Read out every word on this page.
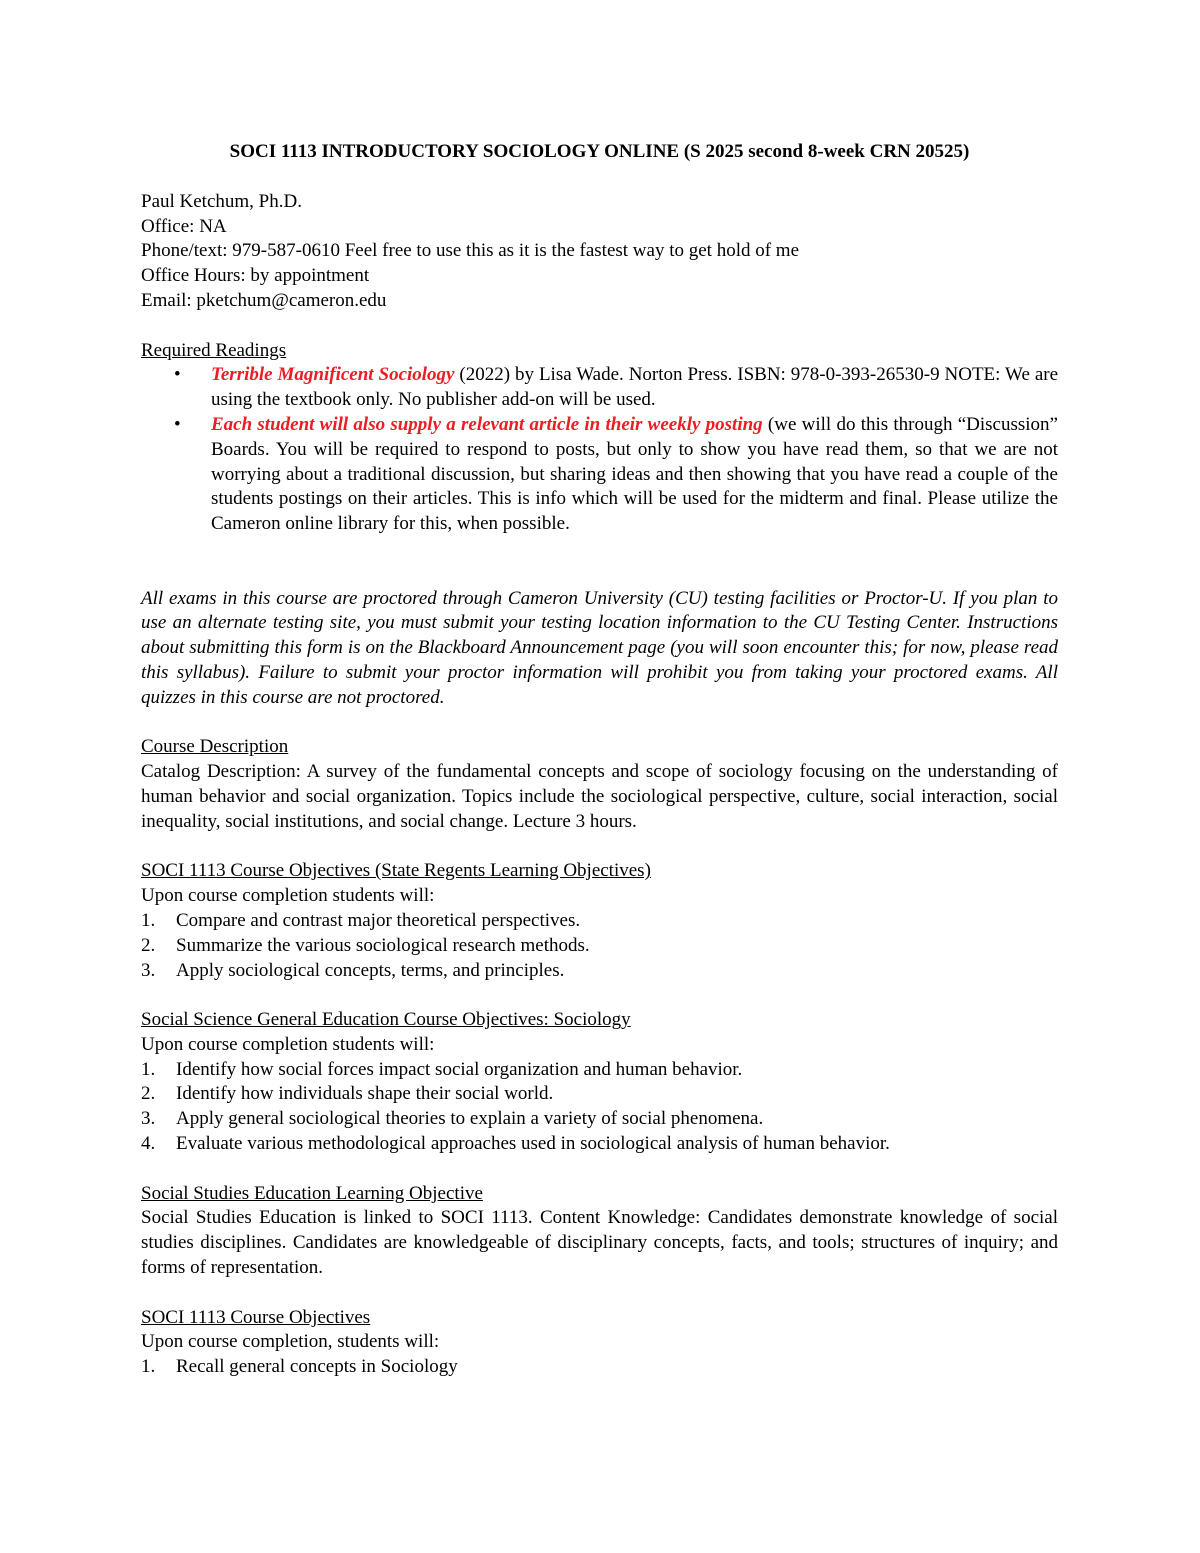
SOCI 1113 INTRODUCTORY SOCIOLOGY ONLINE (S 2025 second 8-week CRN 20525)
Paul Ketchum, Ph.D.
Office: NA
Phone/text: 979-587-0610 Feel free to use this as it is the fastest way to get hold of me
Office Hours: by appointment
Email: pketchum@cameron.edu
Required Readings
• Terrible Magnificent Sociology (2022) by Lisa Wade. Norton Press. ISBN: 978-0-393-26530-9 NOTE: We are using the textbook only. No publisher add-on will be used.
• Each student will also supply a relevant article in their weekly posting (we will do this through “Discussion” Boards. You will be required to respond to posts, but only to show you have read them, so that we are not worrying about a traditional discussion, but sharing ideas and then showing that you have read a couple of the students postings on their articles. This is info which will be used for the midterm and final. Please utilize the Cameron online library for this, when possible.
All exams in this course are proctored through Cameron University (CU) testing facilities or Proctor-U. If you plan to use an alternate testing site, you must submit your testing location information to the CU Testing Center. Instructions about submitting this form is on the Blackboard Announcement page (you will soon encounter this; for now, please read this syllabus). Failure to submit your proctor information will prohibit you from taking your proctored exams. All quizzes in this course are not proctored.
Course Description
Catalog Description: A survey of the fundamental concepts and scope of sociology focusing on the understanding of human behavior and social organization. Topics include the sociological perspective, culture, social interaction, social inequality, social institutions, and social change. Lecture 3 hours.
SOCI 1113 Course Objectives (State Regents Learning Objectives)
Upon course completion students will:
1. Compare and contrast major theoretical perspectives.
2. Summarize the various sociological research methods.
3. Apply sociological concepts, terms, and principles.
Social Science General Education Course Objectives: Sociology
Upon course completion students will:
1. Identify how social forces impact social organization and human behavior.
2. Identify how individuals shape their social world.
3. Apply general sociological theories to explain a variety of social phenomena.
4. Evaluate various methodological approaches used in sociological analysis of human behavior.
Social Studies Education Learning Objective
Social Studies Education is linked to SOCI 1113. Content Knowledge: Candidates demonstrate knowledge of social studies disciplines. Candidates are knowledgeable of disciplinary concepts, facts, and tools; structures of inquiry; and forms of representation.
SOCI 1113 Course Objectives
Upon course completion, students will:
1. Recall general concepts in Sociology
